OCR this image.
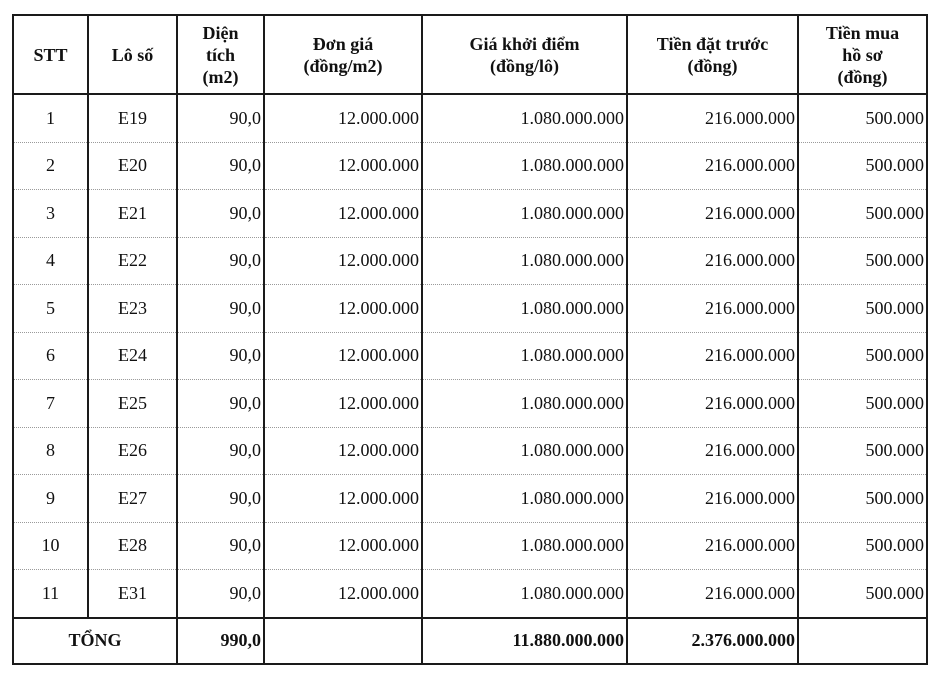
STT	Lô số	Diện
tích
(m2)	Đơn giá
(đồng/m2)	Giá khởi điểm
(đồng/lô)	Tiền đặt trước
(đồng)	Tiền mua
hồ sơ
(đồng)
1	E19	90,0	12.000.000	1.080.000.000	216.000.000	500.000
2	E20	90,0	12.000.000	1.080.000.000	216.000.000	500.000
3	E21	90,0	12.000.000	1.080.000.000	216.000.000	500.000
4	E22	90,0	12.000.000	1.080.000.000	216.000.000	500.000
5	E23	90,0	12.000.000	1.080.000.000	216.000.000	500.000
6	E24	90,0	12.000.000	1.080.000.000	216.000.000	500.000
7	E25	90,0	12.000.000	1.080.000.000	216.000.000	500.000
8	E26	90,0	12.000.000	1.080.000.000	216.000.000	500.000
9	E27	90,0	12.000.000	1.080.000.000	216.000.000	500.000
10	E28	90,0	12.000.000	1.080.000.000	216.000.000	500.000
11	E31	90,0	12.000.000	1.080.000.000	216.000.000	500.000
TỔNG		990,0		11.880.000.000	2.376.000.000	
